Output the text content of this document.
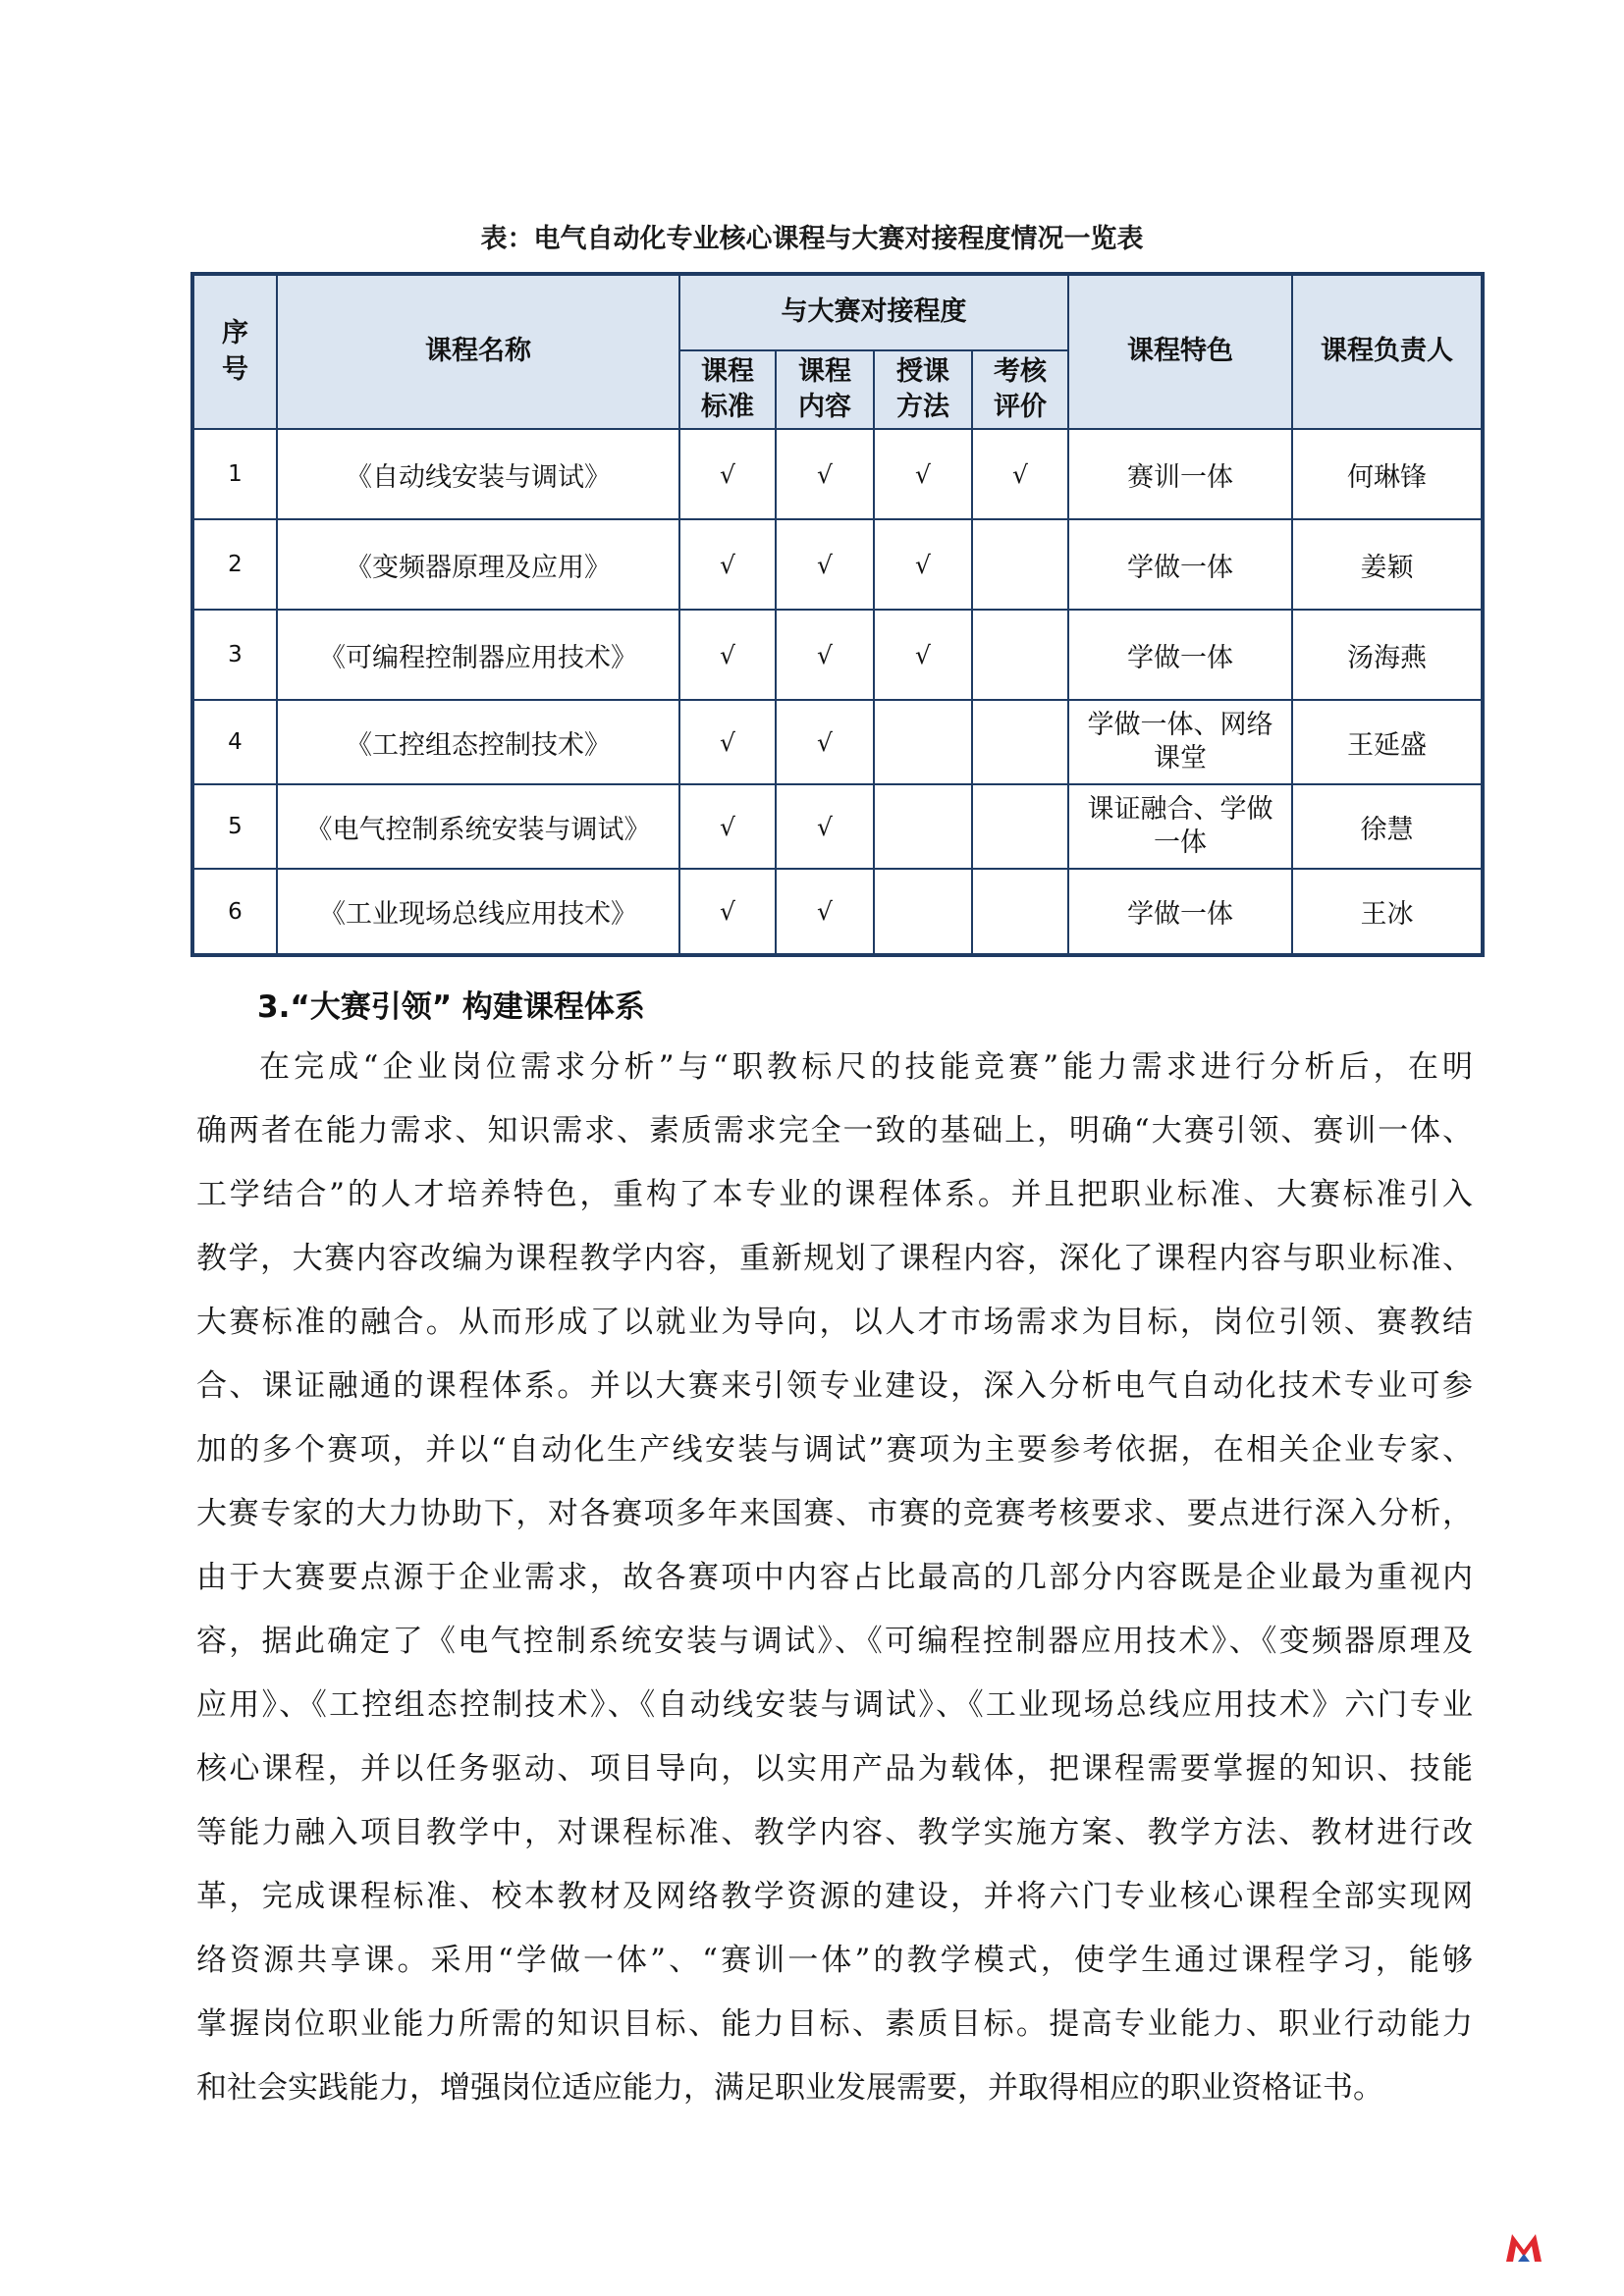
表：电气自动化专业核心课程与大赛对接程度情况一览表
序号	课程名称	与大赛对接程度				课程特色	课程负责人
		课程标准	课程内容	授课方法	考核评价		
1	《自动线安装与调试》	√	√	√	√	赛训一体	何琳锋
2	《变频器原理及应用》	√	√	√		学做一体	姜颖
3	《可编程控制器应用技术》	√	√	√		学做一体	汤海燕
4	《工控组态控制技术》	√	√			学做一体、网络课堂	王延盛
5	《电气控制系统安装与调试》	√	√			课证融合、学做一体	徐慧
6	《工业现场总线应用技术》	√	√			学做一体	王冰
3.“大赛引领” 构建课程体系
在完成“企业岗位需求分析”与“职教标尺的技能竞赛”能力需求进行分析后，在明
确两者在能力需求、知识需求、素质需求完全一致的基础上，明确“大赛引领、赛训一体、
工学结合”的人才培养特色，重构了本专业的课程体系。并且把职业标准、大赛标准引入
教学，大赛内容改编为课程教学内容，重新规划了课程内容，深化了课程内容与职业标准、
大赛标准的融合。从而形成了以就业为导向，以人才市场需求为目标，岗位引领、赛教结
合、课证融通的课程体系。并以大赛来引领专业建设，深入分析电气自动化技术专业可参
加的多个赛项，并以“自动化生产线安装与调试”赛项为主要参考依据，在相关企业专家、
大赛专家的大力协助下，对各赛项多年来国赛、市赛的竞赛考核要求、要点进行深入分析，
由于大赛要点源于企业需求，故各赛项中内容占比最高的几部分内容既是企业最为重视内
容，据此确定了《电气控制系统安装与调试》、《可编程控制器应用技术》、《变频器原理及
应用》、《工控组态控制技术》、《自动线安装与调试》、《工业现场总线应用技术》六门专业
核心课程，并以任务驱动、项目导向，以实用产品为载体，把课程需要掌握的知识、技能
等能力融入项目教学中，对课程标准、教学内容、教学实施方案、教学方法、教材进行改
革，完成课程标准、校本教材及网络教学资源的建设，并将六门专业核心课程全部实现网
络资源共享课。采用“学做一体”、“赛训一体”的教学模式，使学生通过课程学习，能够
掌握岗位职业能力所需的知识目标、能力目标、素质目标。提高专业能力、职业行动能力
和社会实践能力，增强岗位适应能力，满足职业发展需要，并取得相应的职业资格证书。
